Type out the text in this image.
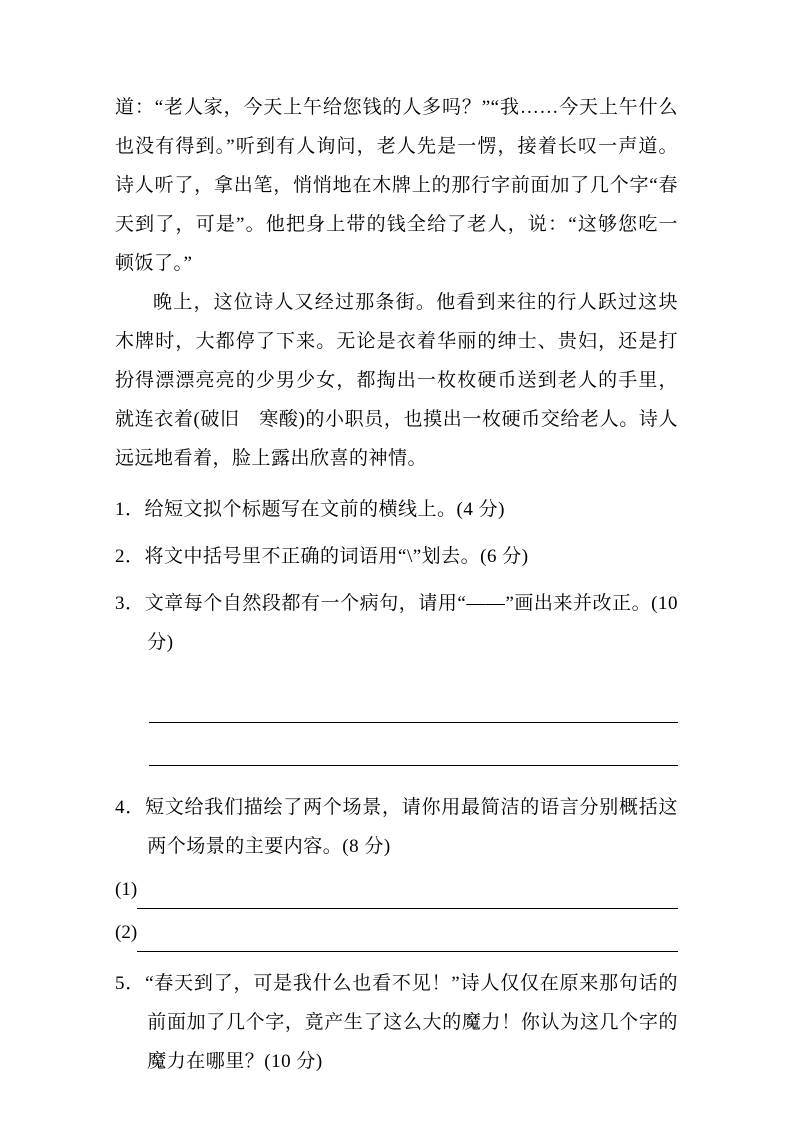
道：“老人家，今天上午给您钱的人多吗？”“我……今天上午什么也没有得到。”听到有人询问，老人先是一愣，接着长叹一声道。诗人听了，拿出笔，悄悄地在木牌上的那行字前面加了几个字“春天到了，可是”。他把身上带的钱全给了老人，说：“这够您吃一顿饭了。”

晚上，这位诗人又经过那条街。他看到来往的行人跃过这块木牌时，大都停了下来。无论是衣着华丽的绅士、贵妇，还是打扮得漂漂亮亮的少男少女，都掏出一枚枚硬币送到老人的手里，就连衣着(破旧　寒酸)的小职员，也摸出一枚硬币交给老人。诗人远远地看着，脸上露出欣喜的神情。

1．给短文拟个标题写在文前的横线上。(4 分)
2．将文中括号里不正确的词语用“\”划去。(6 分)
3．文章每个自然段都有一个病句，请用“——”画出来并改正。(10 分)
4．短文给我们描绘了两个场景，请你用最简洁的语言分别概括这两个场景的主要内容。(8 分)
(1)
(2)
5．“春天到了，可是我什么也看不见！”诗人仅仅在原来那句话的前面加了几个字，竟产生了这么大的魔力！你认为这几个字的魔力在哪里？(10 分)
